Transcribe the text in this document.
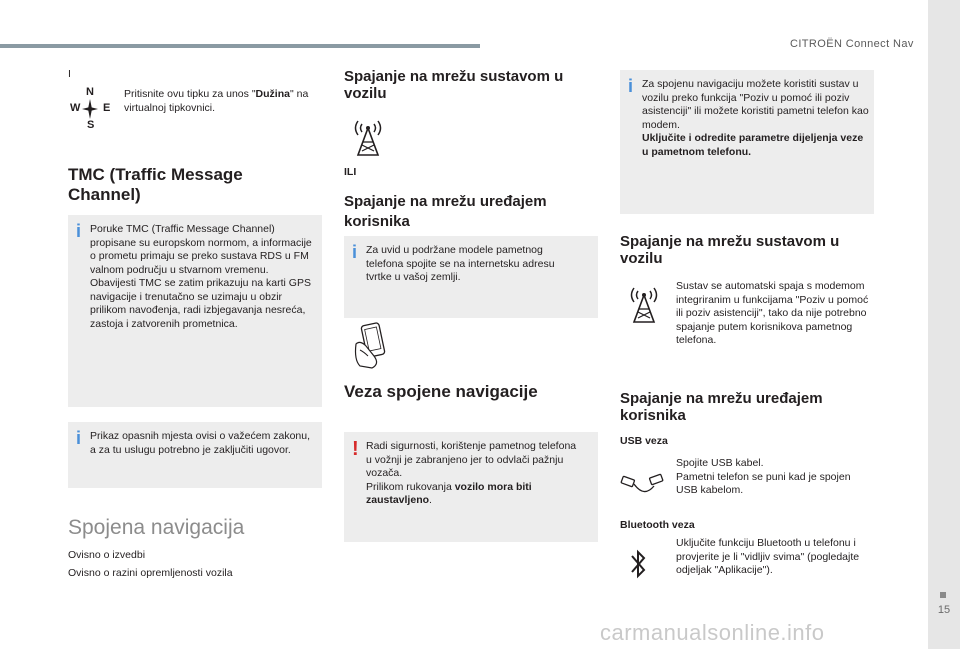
CITROËN Connect Nav
15
I
N
W E
S
Pritisnite ovu tipku za unos "Dužina" na virtualnoj tipkovnici.
TMC (Traffic Message
Channel)
i Poruke TMC (Traffic Message Channel) propisane su europskom normom, a informacije o prometu primaju se preko sustava RDS u FM valnom području u stvarnom vremenu.
Obavijesti TMC se zatim prikazuju na karti GPS navigacije i trenutačno se uzimaju u obzir prilikom navođenja, radi izbjegavanja nesreća, zastoja i zatvorenih prometnica.
i Prikaz opasnih mjesta ovisi o važećem zakonu, a za tu uslugu potrebno je zaključiti ugovor.
Spojena navigacija
Ovisno o izvedbi
Ovisno o razini opremljenosti vozila
Spajanje na mrežu sustavom u vozilu
ILI
Spajanje na mrežu uređajem korisnika
i Za uvid u podržane modele pametnog telefona spojite se na internetsku adresu tvrtke u vašoj zemlji.
Veza spojene navigacije
! Radi sigurnosti, korištenje pametnog telefona u vožnji je zabranjeno jer to odvlači pažnju vozača.
Prilikom rukovanja vozilo mora biti zaustavljeno.
i Za spojenu navigaciju možete koristiti sustav u vozilu preko funkcija "Poziv u pomoć ili poziv asistenciji" ili možete koristiti pametni telefon kao modem.
Uključite i odredite parametre dijeljenja veze u pametnom telefonu.
Spajanje na mrežu sustavom u vozilu
Sustav se automatski spaja s modemom integriranim u funkcijama "Poziv u pomoć ili poziv asistenciji", tako da nije potrebno spajanje putem korisnikova pametnog telefona.
Spajanje na mrežu uređajem korisnika
USB veza
Spojite USB kabel.
Pametni telefon se puni kad je spojen USB kabelom.
Bluetooth veza
Uključite funkciju Bluetooth u telefonu i provjerite je li "vidljiv svima" (pogledajte odjeljak "Aplikacije").
carmanualsonline.info
